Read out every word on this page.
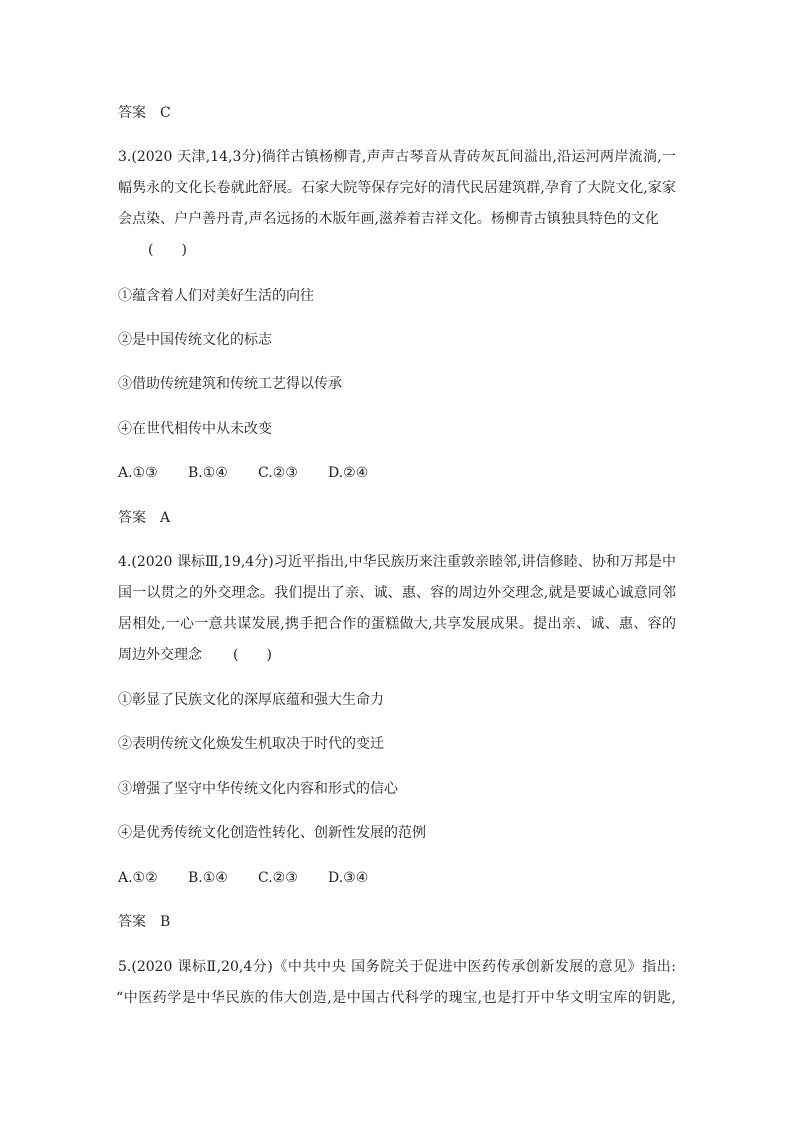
答案 C
3.(2020 天津,14,3分)徜徉古镇杨柳青,声声古琴音从青砖灰瓦间溢出,沿运河两岸流淌,一
幅隽永的文化长卷就此舒展。石家大院等保存完好的清代民居建筑群,孕育了大院文化,家家
会点染、户户善丹青,声名远扬的木版年画,滋养着吉祥文化。杨柳青古镇独具特色的文化
(　　)
①蕴含着人们对美好生活的向往
②是中国传统文化的标志
③借助传统建筑和传统工艺得以传承
④在世代相传中从未改变
A.①③ B.①④ C.②③ D.②④
答案 A
4.(2020 课标Ⅲ,19,4分)习近平指出,中华民族历来注重敦亲睦邻,讲信修睦、协和万邦是中
国一以贯之的外交理念。我们提出了亲、诚、惠、容的周边外交理念,就是要诚心诚意同邻
居相处,一心一意共谋发展,携手把合作的蛋糕做大,共享发展成果。提出亲、诚、惠、容的
周边外交理念 (　　)
①彰显了民族文化的深厚底蕴和强大生命力
②表明传统文化焕发生机取决于时代的变迁
③增强了坚守中华传统文化内容和形式的信心
④是优秀传统文化创造性转化、创新性发展的范例
A.①② B.①④ C.②③ D.③④
答案 B
5.(2020 课标Ⅱ,20,4分)《中共中央 国务院关于促进中医药传承创新发展的意见》指出:
“中医药学是中华民族的伟大创造,是中国古代科学的瑰宝,也是打开中华文明宝库的钥匙,
